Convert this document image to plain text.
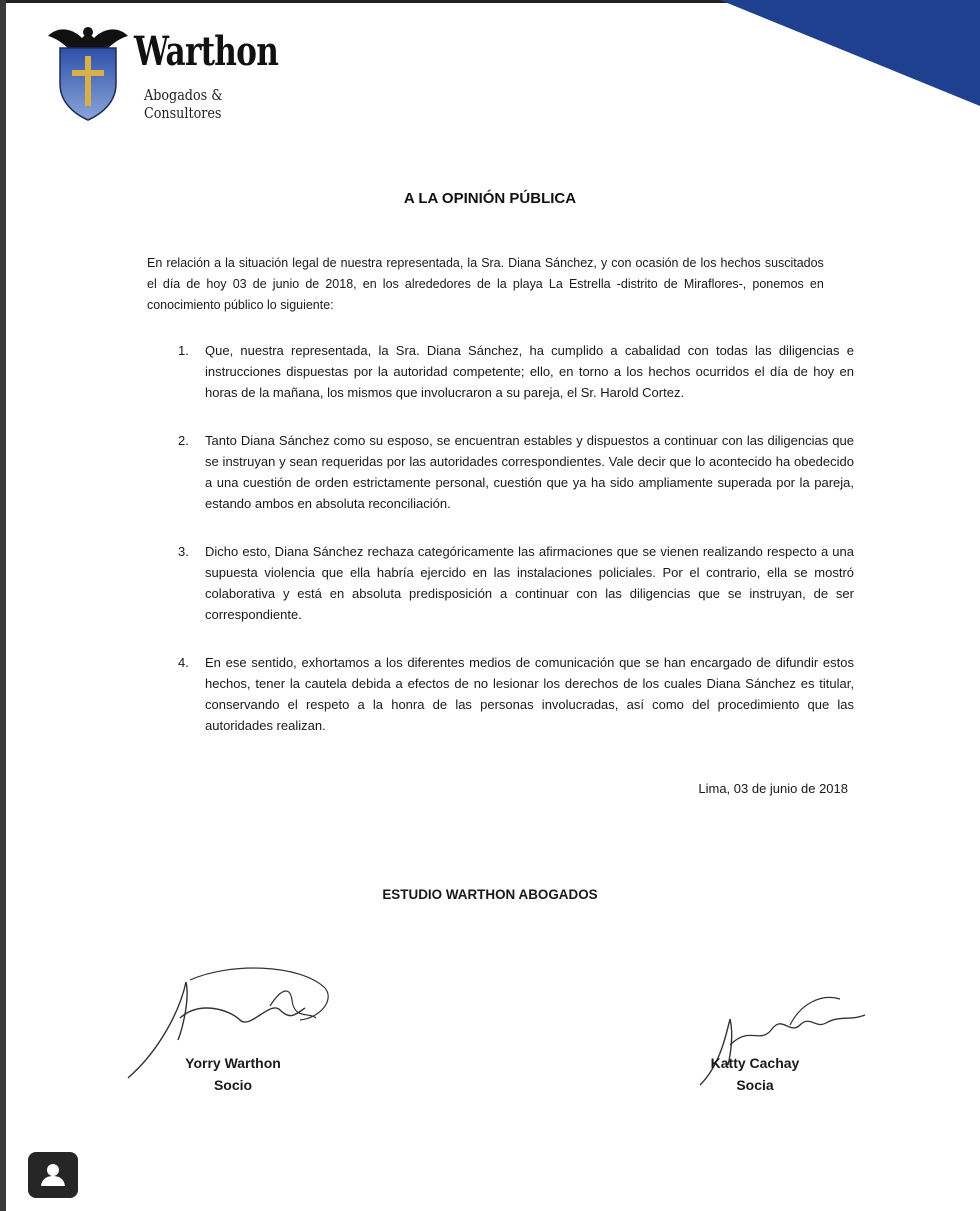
Warthon
Abogados & Consultores
A LA OPINIÓN PÚBLICA
En relación a la situación legal de nuestra representada, la Sra. Diana Sánchez, y con ocasión de los hechos suscitados el día de hoy 03 de junio de 2018, en los alrededores de la playa La Estrella -distrito de Miraflores-, ponemos en conocimiento público lo siguiente:
1. Que, nuestra representada, la Sra. Diana Sánchez, ha cumplido a cabalidad con todas las diligencias e instrucciones dispuestas por la autoridad competente; ello, en torno a los hechos ocurridos el día de hoy en horas de la mañana, los mismos que involucraron a su pareja, el Sr. Harold Cortez.
2. Tanto Diana Sánchez como su esposo, se encuentran estables y dispuestos a continuar con las diligencias que se instruyan y sean requeridas por las autoridades correspondientes. Vale decir que lo acontecido ha obedecido a una cuestión de orden estrictamente personal, cuestión que ya ha sido ampliamente superada por la pareja, estando ambos en absoluta reconciliación.
3. Dicho esto, Diana Sánchez rechaza categóricamente las afirmaciones que se vienen realizando respecto a una supuesta violencia que ella habría ejercido en las instalaciones policiales. Por el contrario, ella se mostró colaborativa y está en absoluta predisposición a continuar con las diligencias que se instruyan, de ser correspondiente.
4. En ese sentido, exhortamos a los diferentes medios de comunicación que se han encargado de difundir estos hechos, tener la cautela debida a efectos de no lesionar los derechos de los cuales Diana Sánchez es titular, conservando el respeto a la honra de las personas involucradas, así como del procedimiento que las autoridades realizan.
Lima, 03 de junio de 2018
ESTUDIO WARTHON ABOGADOS
Yorry Warthon
Socio
Katty Cachay
Socia
